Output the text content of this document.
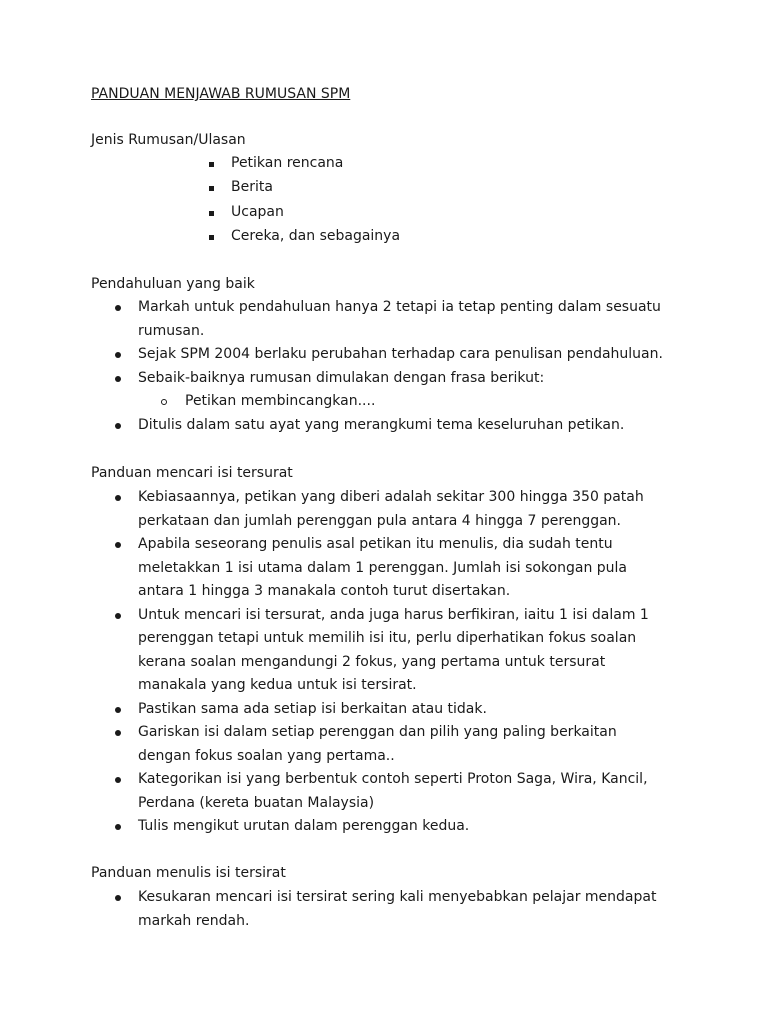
PANDUAN MENJAWAB RUMUSAN SPM
Jenis Rumusan/Ulasan
Petikan rencana
Berita
Ucapan
Cereka, dan sebagainya
Pendahuluan yang baik
Markah untuk pendahuluan hanya 2 tetapi ia tetap penting dalam sesuatu
rumusan.
Sejak SPM 2004 berlaku perubahan terhadap cara penulisan pendahuluan.
Sebaik-baiknya rumusan dimulakan dengan frasa berikut:
Petikan membincangkan....
Ditulis dalam satu ayat yang merangkumi tema keseluruhan petikan.
Panduan mencari isi tersurat
Kebiasaannya, petikan yang diberi adalah sekitar 300 hingga 350 patah
perkataan dan jumlah perenggan pula antara 4 hingga 7 perenggan.
Apabila seseorang penulis asal petikan itu menulis, dia sudah tentu
meletakkan 1 isi utama dalam 1 perenggan. Jumlah isi sokongan pula
antara 1 hingga 3 manakala contoh turut disertakan.
Untuk mencari isi tersurat, anda juga harus berfikiran, iaitu 1 isi dalam 1
perenggan tetapi untuk memilih isi itu, perlu diperhatikan fokus soalan
kerana soalan mengandungi 2 fokus, yang pertama untuk tersurat
manakala yang kedua untuk isi tersirat.
Pastikan sama ada setiap isi berkaitan atau tidak.
Gariskan isi dalam setiap perenggan dan pilih yang paling berkaitan
dengan fokus soalan yang pertama..
Kategorikan isi yang berbentuk contoh seperti Proton Saga, Wira, Kancil,
Perdana (kereta buatan Malaysia)
Tulis mengikut urutan dalam perenggan kedua.
Panduan menulis isi tersirat
Kesukaran mencari isi tersirat sering kali menyebabkan pelajar mendapat
markah rendah.
